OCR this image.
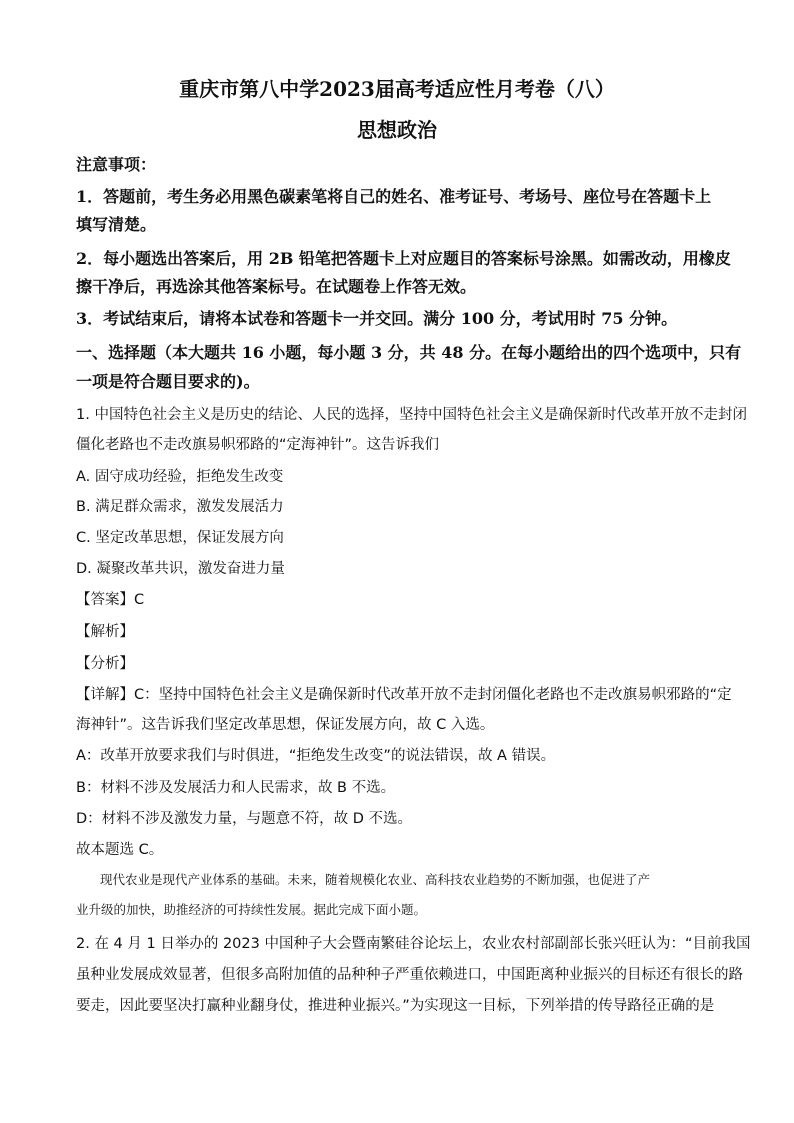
重庆市第八中学2023届高考适应性月考卷（八）
思想政治
注意事项：
1．答题前，考生务必用黑色碳素笔将自己的姓名、准考证号、考场号、座位号在答题卡上
填写清楚。
2．每小题选出答案后，用 2B 铅笔把答题卡上对应题目的答案标号涂黑。如需改动，用橡皮
擦干净后，再选涂其他答案标号。在试题卷上作答无效。
3．考试结束后，请将本试卷和答题卡一并交回。满分 100 分，考试用时 75 分钟。
一、选择题（本大题共 16 小题，每小题 3 分，共 48 分。在每小题给出的四个选项中，只有
一项是符合题目要求的)。
1. 中国特色社会主义是历史的结论、人民的选择，坚持中国特色社会主义是确保新时代改革开放不走封闭
僵化老路也不走改旗易帜邪路的“定海神针”。这告诉我们
A. 固守成功经验，拒绝发生改变
B. 满足群众需求，激发发展活力
C. 坚定改革思想，保证发展方向
D. 凝聚改革共识，激发奋进力量
【答案】C
【解析】
【分析】
【详解】C：坚持中国特色社会主义是确保新时代改革开放不走封闭僵化老路也不走改旗易帜邪路的“定
海神针”。这告诉我们坚定改革思想，保证发展方向，故 C 入选。
A：改革开放要求我们与时俱进，“拒绝发生改变”的说法错误，故 A 错误。
B：材料不涉及发展活力和人民需求，故 B 不选。
D：材料不涉及激发力量，与题意不符，故 D 不选。
故本题选 C。
现代农业是现代产业体系的基础。未来，随着规模化农业、高科技农业趋势的不断加强，也促进了产
业升级的加快，助推经济的可持续性发展。据此完成下面小题。
2. 在 4 月 1 日举办的 2023 中国种子大会暨南繁硅谷论坛上，农业农村部副部长张兴旺认为：“目前我国
虽种业发展成效显著，但很多高附加值的品种种子严重依赖进口，中国距离种业振兴的目标还有很长的路
要走，因此要坚决打赢种业翻身仗，推进种业振兴。”为实现这一目标，下列举措的传导路径正确的是
